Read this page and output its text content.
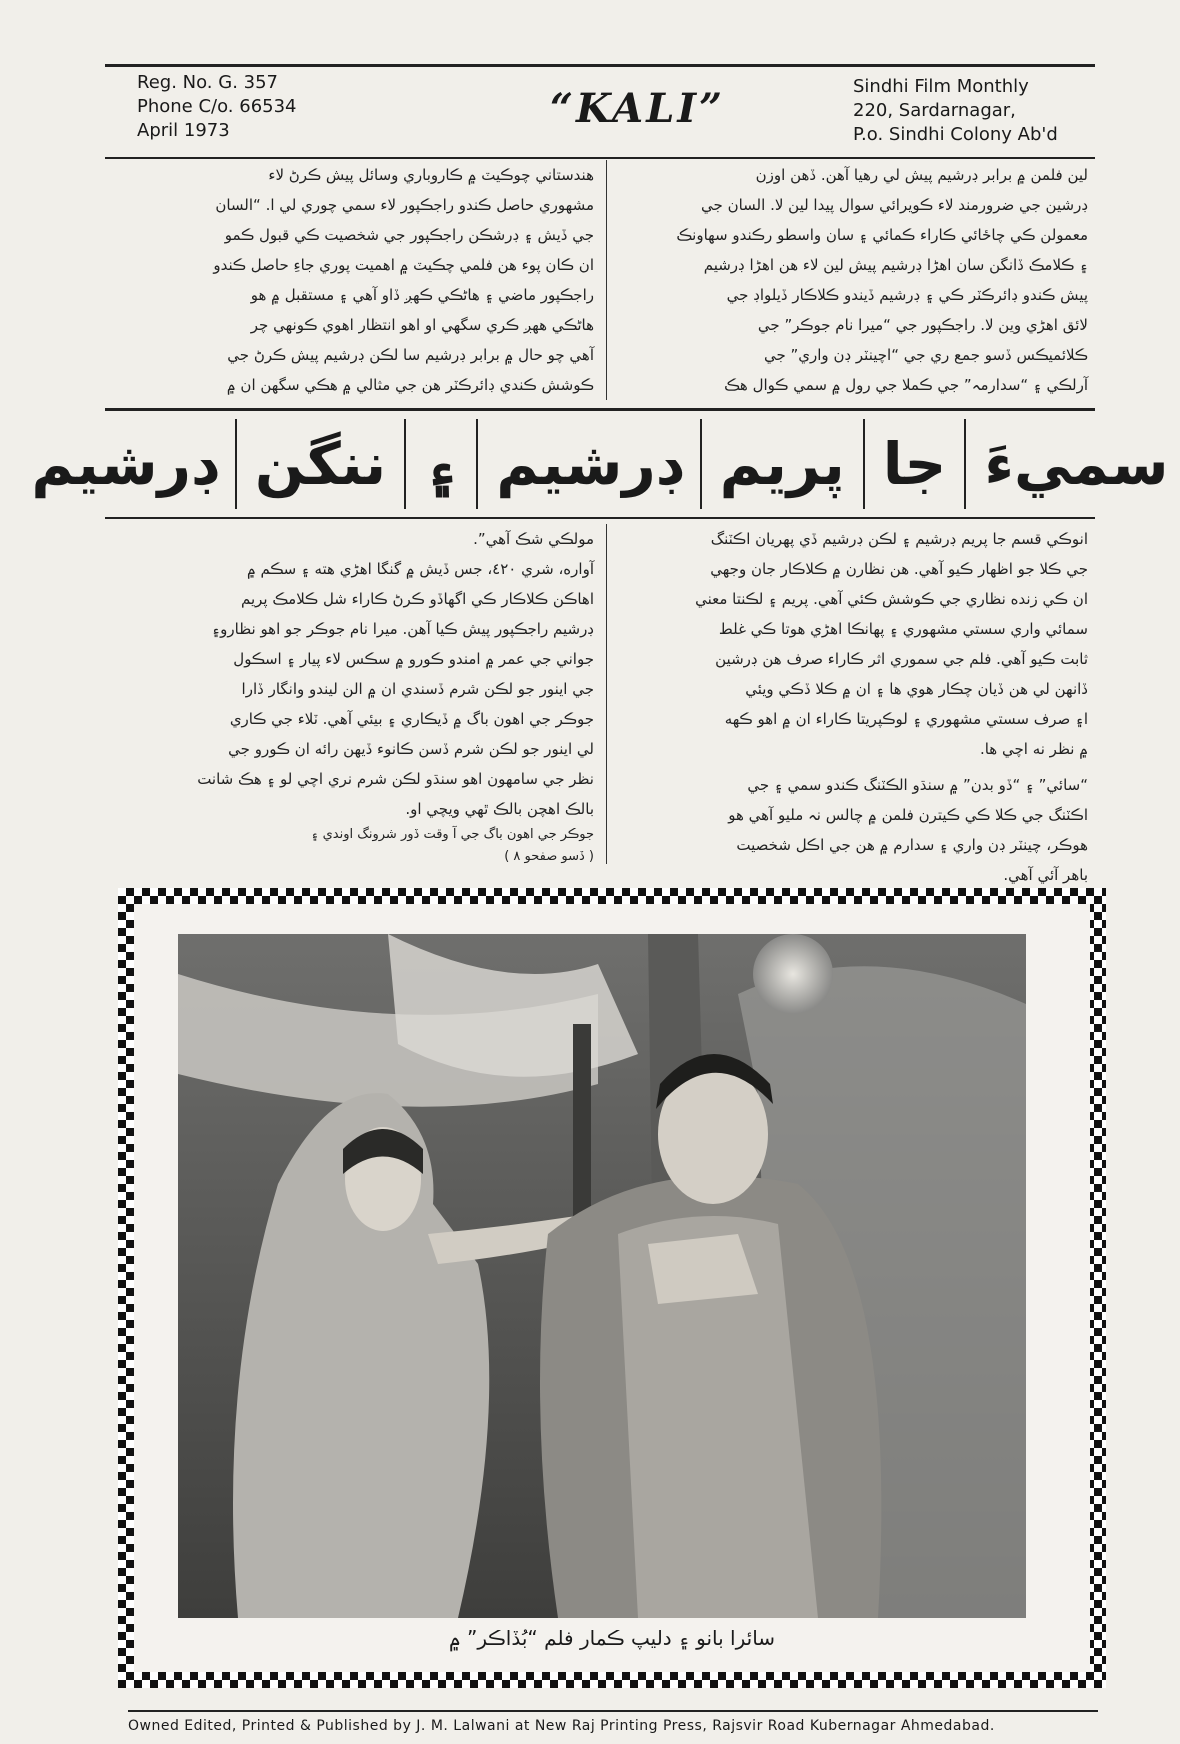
Reg. No. G. 357
Phone C/o. 66534
April 1973	“KALI”	Sindhi Film Monthly
220, Sardarnagar,
P.o. Sindhi Colony Ab'd

لين فلمن ۾ برابر ڊرشيم پيش لي رهيا آهن. ڏهن اوزن

ڊرشين جي ضرورمند لاء ڪويرائي سوال پيدا لين لا. السان جي

معمولن ڪي چاځائي ڪاراء ڪمائي ۽ سان واسطو رڪندو سهاونڪ

۽ ڪلامڪ ڏانگن سان اهڑا ڊرشيم پيش لين لاء هن اهڑا ڊرشيم

پيش ڪندو ڊائرڪٽر ڪي ۽ ڊرشيم ڏيندو ڪلاڪار ڏيلواڊ جي

لائق اهڑي وين لا. راجڪپور جي “ميرا نام جوڪر” جي

ڪلائميڪس ڏسو جمع ري جي “اچينٽر ڊن واري” جي

آرلڪي ۽ “سدارمہ” جي ڪملا جي رول ۾ سمي ڪوال هڪ

هندستاني چوڪيٽ ۾ ڪاروباري وسائل پيش ڪرڻ لاء

مشهوري حاصل ڪندو راجڪپور لاء سمي چوري لي ا. “السان

جي ڏيش ۽ ڊرشڪن راجڪپور جي شخصيت ڪي قبول ڪمو

ان ڪان پوء هن فلمي چڪيٽ ۾ اهميت پوري جاءِ حاصل ڪندو

راجڪپور ماضي ۽ هاڻڪي ڪهږ ڏاو آهي ۽ مستقبل ۾ هو

هاڻڪي ههږ ڪري سگهي او اهو انتظار اهوي ڪونهي چر

آهي چو حال ۾ برابر ڊرشيم سا لڪن ڊرشيم پيش ڪرڻ جي

ڪوشش ڪندي ڊائرڪٽر هن جي مثالي ۾ هڪي سگهن ان ۾

سميءَ
جا
پريم
ڊرشيم
۽
ننگن
ڊرشيم

انوڪي قسم جا پريم ڊرشيم ۽ لڪن ڊرشيم ڏي پهريان اڪٽنگ

جي ڪلا جو اظهار ڪيو آهي. هن نظارن ۾ ڪلاڪار جان وجهي

ان ڪي زنده نظاري جي ڪوشش ڪئي آهي. پريم ۽ لڪنتا معني

سمائي واري سستي مشهوري ۽ پهانڪا اهڑي هوتا ڪي غلط

ثابت ڪيو آهي. فلم جي سموري اثر ڪاراء صرف هن ڊرشين

ڏانهن لي هن ڏيان چڪار هوي ها ۽ ان ۾ ڪلا ڏڪي ويئي

ا۽ صرف سستي مشهوري ۽ لوڪپريتا ڪاراء ان ۾ اهو ڪهه

۾ نظر نه اچي ها.

“سائي” ۽ “ڏو بدن” ۾ سنڌو الڪٽنگ ڪندو سمي ۽ جي

اڪٽنگ جي ڪلا ڪي ڪيترن فلمن ۾ چالس نہ مليو آهي هو

هوڪر، چينٽر ڊن واري ۽ سدارم ۾ هن جي اڪل شخصيت

باهر آئي آهي.

مولڪي شڪ آهي”.

آواره، شري ٤٢٠، جس ڏيش ۾ گنگا اهڑي هته ۽ سڪم ۾

اهاڪن ڪلاڪار ڪي اگهاڏو ڪرڻ ڪاراء شل ڪلامڪ پريم

ڊرشيم راجڪپور پيش ڪيا آهن. ميرا نام جوڪر جو اهو نظارو۽

جواني جي عمر ۾ امندو ڪورو ۾ سڪس لاء پيار ۽ اسڪول

جي اينور جو لڪن شرم ڏسندي ان ۾ الن ليندو وانگار ڏارا

جوڪر جي اهون باگ ۾ ڏيڪاري ۽ بيئي آهي. ٽلاء جي ڪاري

لي اينور جو لڪن شرم ڏسن ڪانوء ڏيهن رائه ان ڪورو جي

نظر جي سامهون اهو سنڌو لڪن شرم نري اچي لو ۽ هڪ شانت

بالڪ اهچن بالڪ ٿهي ويچي او.

جوڪر جي اهون باگ جي آ وقت ڏور شرونگ اوندي ۽

( ڏسو صفحو ٨ )

سائرا بانو ۽ دليپ ڪمار فلم “بُڏاڪر” ۾
Owned Edited, Printed & Published by J. M. Lalwani at New Raj Printing Press, Rajsvir Road Kubernagar Ahmedabad.
